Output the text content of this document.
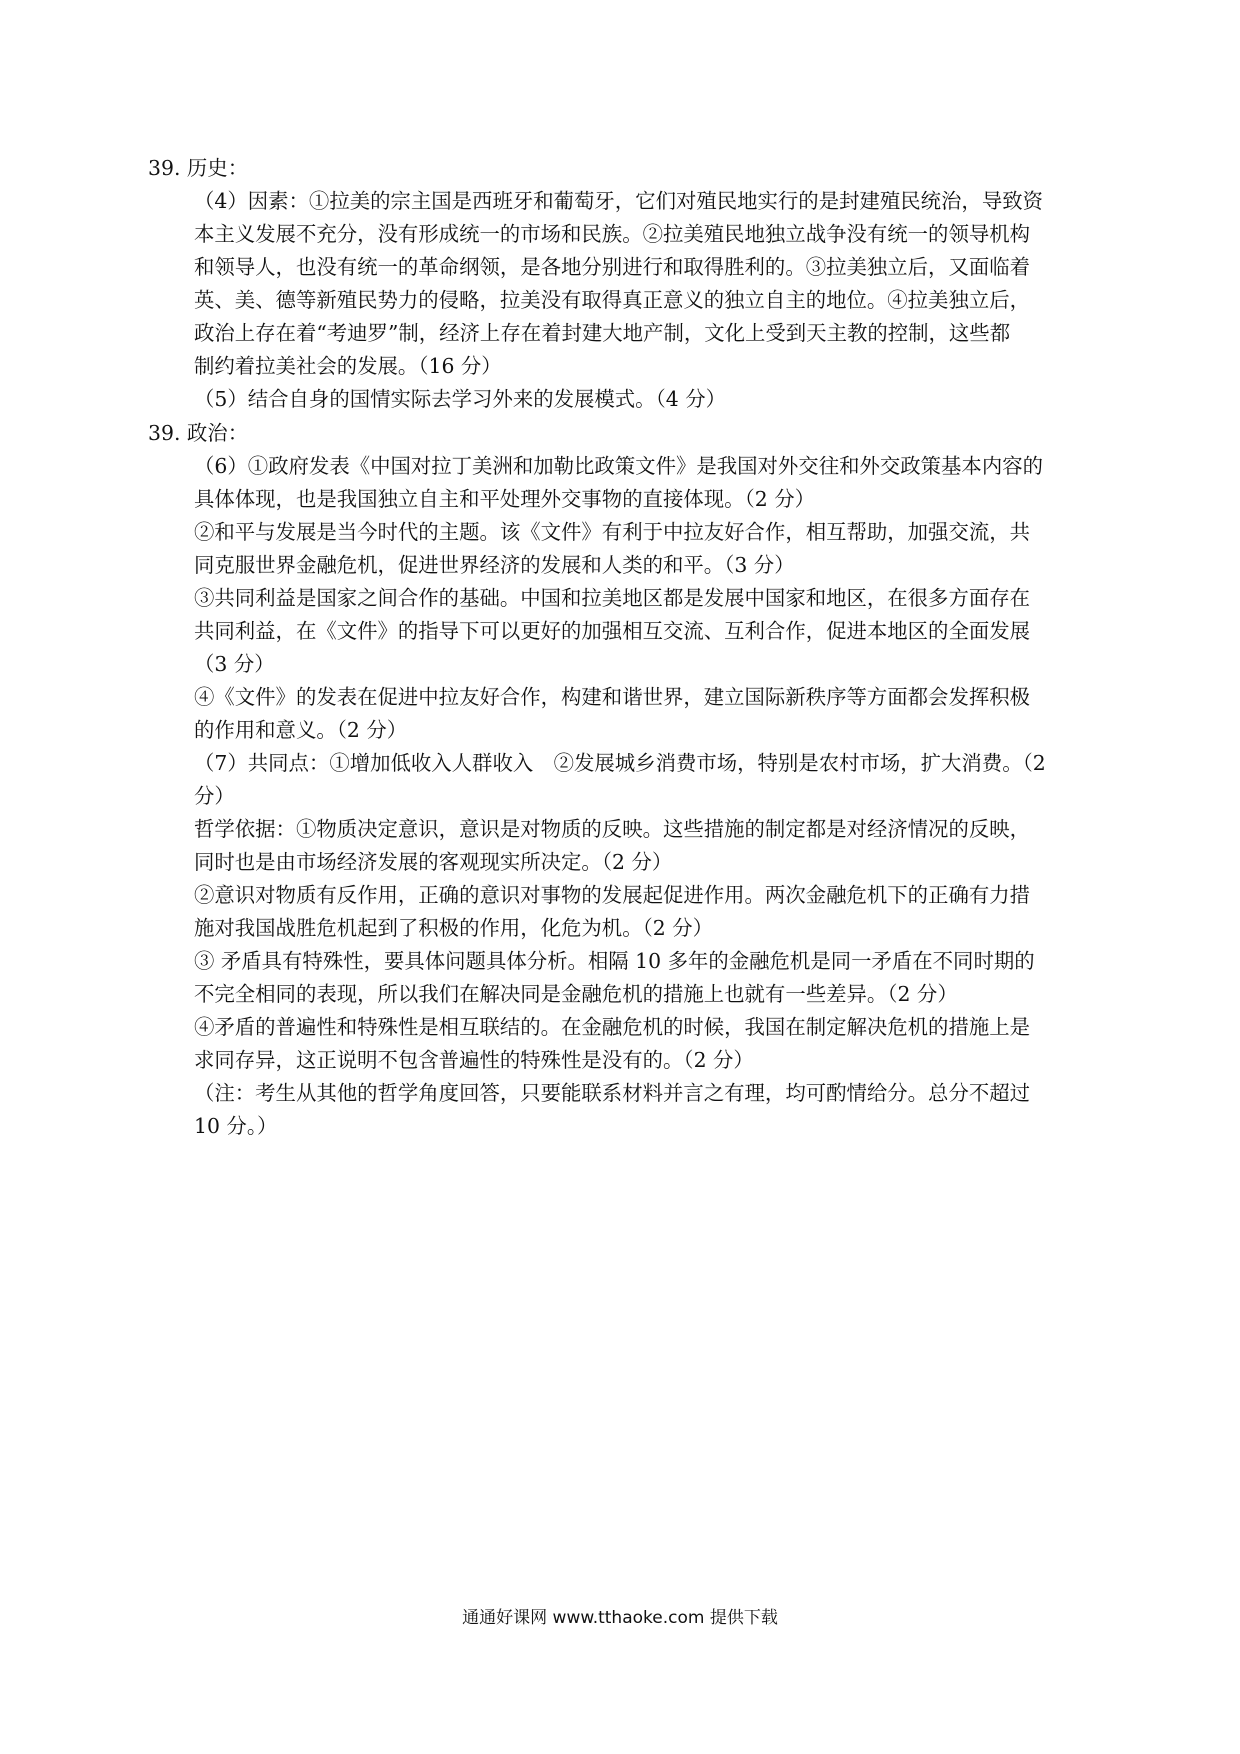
39. 历史：
（4）因素：①拉美的宗主国是西班牙和葡萄牙，它们对殖民地实行的是封建殖民统治，导致资
本主义发展不充分，没有形成统一的市场和民族。②拉美殖民地独立战争没有统一的领导机构
和领导人，也没有统一的革命纲领，是各地分别进行和取得胜利的。③拉美独立后，又面临着
英、美、德等新殖民势力的侵略，拉美没有取得真正意义的独立自主的地位。④拉美独立后，
政治上存在着“考迪罗”制，经济上存在着封建大地产制，文化上受到天主教的控制，这些都
制约着拉美社会的发展。（16 分）
（5）结合自身的国情实际去学习外来的发展模式。（4 分）
39. 政治：
（6）①政府发表《中国对拉丁美洲和加勒比政策文件》是我国对外交往和外交政策基本内容的
具体体现，也是我国独立自主和平处理外交事物的直接体现。（2 分）
②和平与发展是当今时代的主题。该《文件》有利于中拉友好合作，相互帮助，加强交流，共
同克服世界金融危机，促进世界经济的发展和人类的和平。（3 分）
③共同利益是国家之间合作的基础。中国和拉美地区都是发展中国家和地区，在很多方面存在
共同利益，在《文件》的指导下可以更好的加强相互交流、互利合作，促进本地区的全面发展
（3 分）
④《文件》的发表在促进中拉友好合作，构建和谐世界，建立国际新秩序等方面都会发挥积极
的作用和意义。（2 分）
（7）共同点：①增加低收入人群收入　②发展城乡消费市场，特别是农村市场，扩大消费。（2
分）
哲学依据：①物质决定意识，意识是对物质的反映。这些措施的制定都是对经济情况的反映，
同时也是由市场经济发展的客观现实所决定。（2 分）
②意识对物质有反作用，正确的意识对事物的发展起促进作用。两次金融危机下的正确有力措
施对我国战胜危机起到了积极的作用，化危为机。（2 分）
③ 矛盾具有特殊性，要具体问题具体分析。相隔 10 多年的金融危机是同一矛盾在不同时期的
不完全相同的表现，所以我们在解决同是金融危机的措施上也就有一些差异。（2 分）
④矛盾的普遍性和特殊性是相互联结的。在金融危机的时候，我国在制定解决危机的措施上是
求同存异，这正说明不包含普遍性的特殊性是没有的。（2 分）
（注：考生从其他的哲学角度回答，只要能联系材料并言之有理，均可酌情给分。总分不超过
10 分。）
通通好课网 www.tthaoke.com 提供下载
